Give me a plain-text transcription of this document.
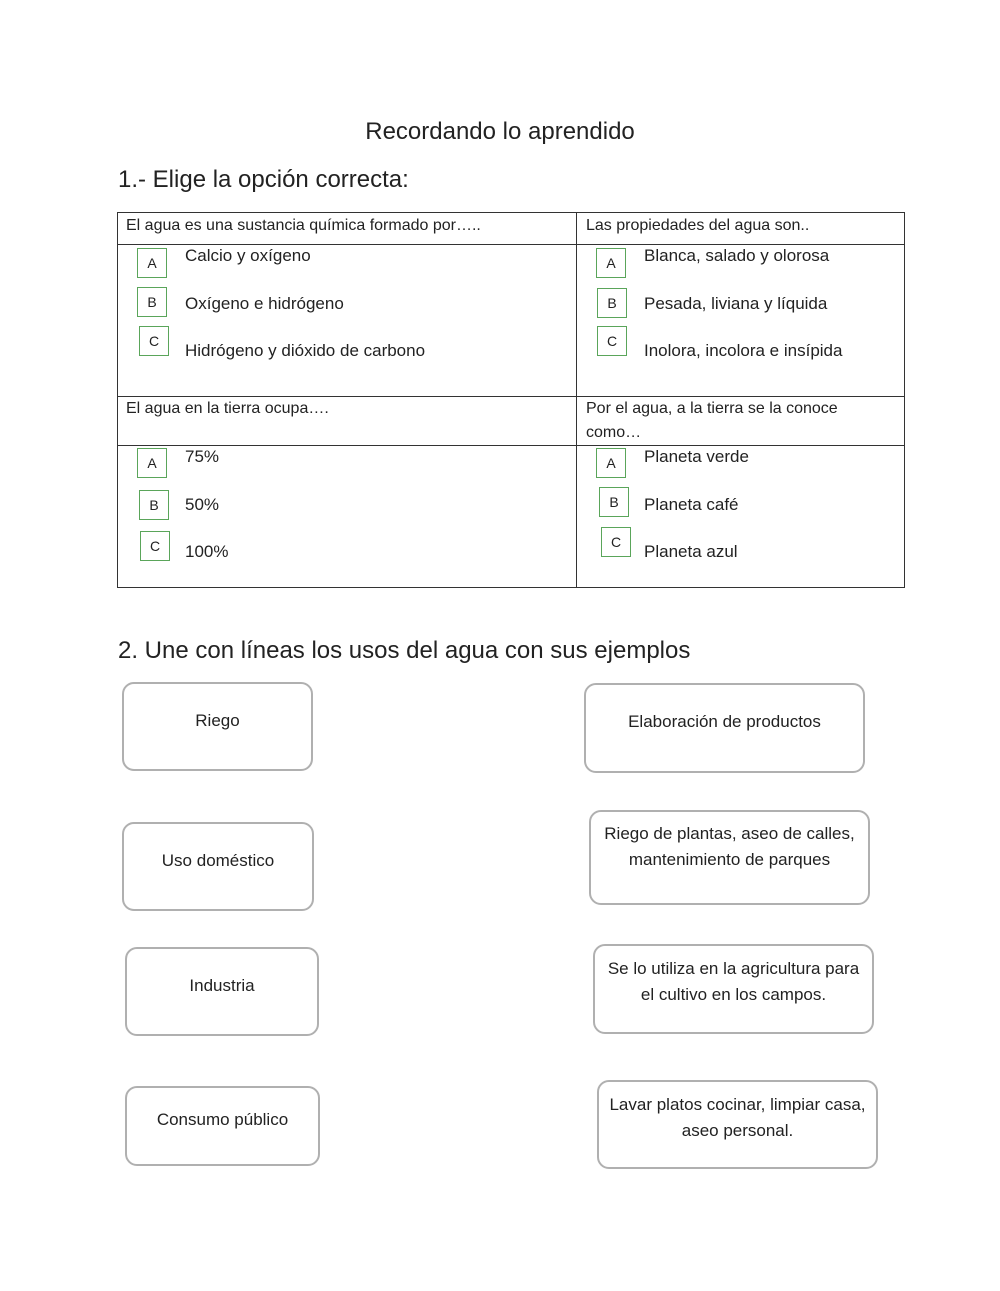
Recordando lo aprendido
1.- Elige la opción correcta:
El agua es una sustancia química formado por…..
A	Calcio y oxígeno
B	Oxígeno e hidrógeno
C	Hidrógeno y dióxido de carbono
Las propiedades del agua son..
A	Blanca, salado y olorosa
B	Pesada, liviana y líquida
C	Inolora, incolora e insípida
El agua en la tierra ocupa….
A	75%
B	50%
C	100%
Por el agua, a la tierra se la conoce como…
A	Planeta verde
B	Planeta café
C	Planeta azul
2. Une con líneas los usos del agua con sus ejemplos
Riego
Uso doméstico
Industria
Consumo público
Elaboración de productos
Riego de plantas, aseo de calles, mantenimiento de parques
Se lo utiliza en la agricultura para el cultivo en los campos.
Lavar platos cocinar, limpiar casa, aseo personal.
